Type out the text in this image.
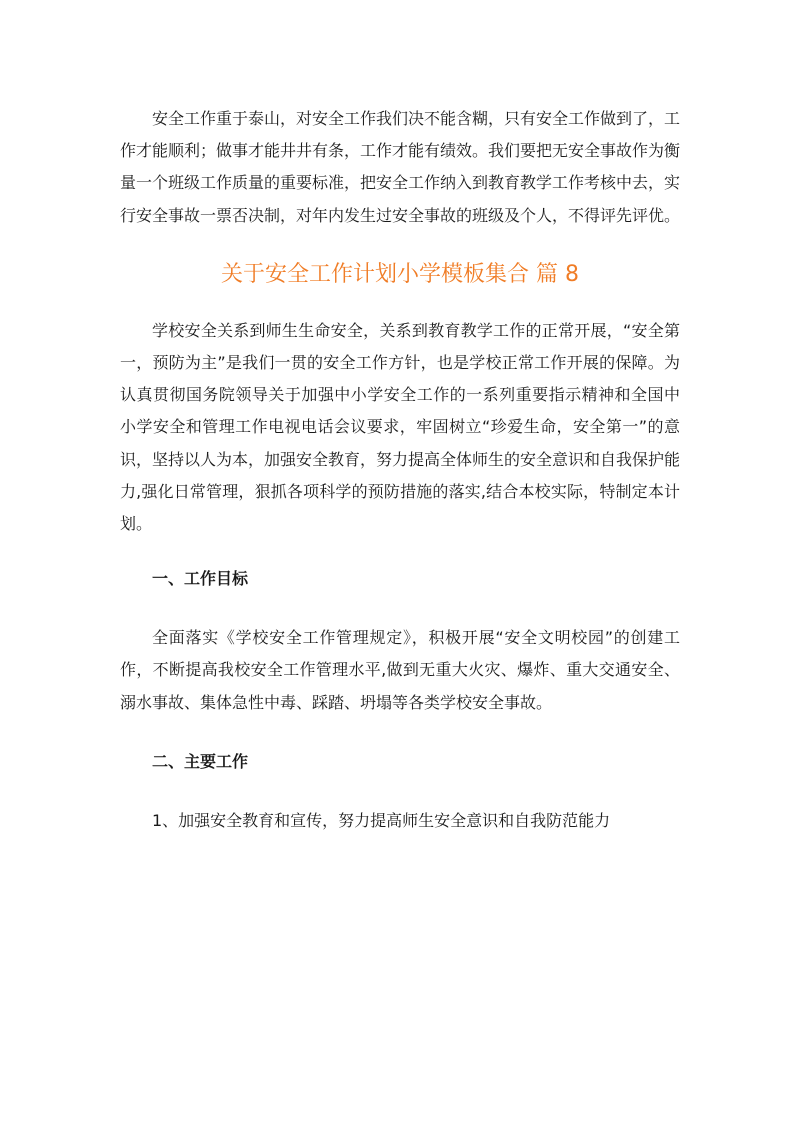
安全工作重于泰山，对安全工作我们决不能含糊，只有安全工作做到了，工
作才能顺利；做事才能井井有条，工作才能有绩效。我们要把无安全事故作为衡
量一个班级工作质量的重要标准，把安全工作纳入到教育教学工作考核中去，实
行安全事故一票否决制，对年内发生过安全事故的班级及个人，不得评先评优。
关于安全工作计划小学模板集合 篇 8
学校安全关系到师生生命安全，关系到教育教学工作的正常开展，“安全第
一，预防为主”是我们一贯的安全工作方针，也是学校正常工作开展的保障。为
认真贯彻国务院领导关于加强中小学安全工作的一系列重要指示精神和全国中
小学安全和管理工作电视电话会议要求，牢固树立“珍爱生命，安全第一”的意
识，坚持以人为本，加强安全教育，努力提高全体师生的安全意识和自我保护能
力,强化日常管理，狠抓各项科学的预防措施的落实,结合本校实际，特制定本计
划。
一、工作目标
全面落实《学校安全工作管理规定》，积极开展“安全文明校园”的创建工
作，不断提高我校安全工作管理水平,做到无重大火灾、爆炸、重大交通安全、
溺水事故、集体急性中毒、踩踏、坍塌等各类学校安全事故。
二、主要工作
1、加强安全教育和宣传，努力提高师生安全意识和自我防范能力
